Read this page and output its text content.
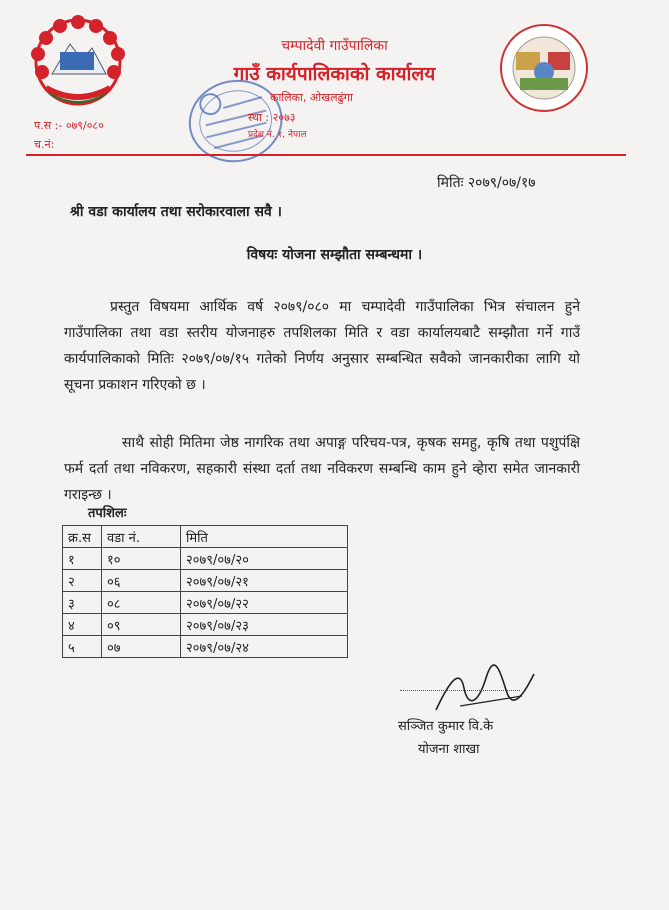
चम्पादेवी गाउँपालिका
गाउँ कार्यपालिकाको कार्यालय
कालिका, ओखलढुंगा
स्था : २०७३
प्रदेश नं. १, नेपाल
प.स :- ०७९/०८०
च.नं:
मितिः २०७९/०७/१७
श्री वडा कार्यालय तथा सरोकारवाला सवै ।
विषयः योजना सम्झौता सम्बन्धमा ।
प्रस्तुत विषयमा आर्थिक वर्ष २०७९/०८० मा चम्पादेवी गाउँपालिका भित्र संचालन हुने गाउँपालिका तथा वडा स्तरीय योजनाहरु तपशिलका मिति र वडा कार्यालयबाटै सम्झौता गर्ने गाउँ कार्यपालिकाको मितिः २०७९/०७/१५ गतेको निर्णय अनुसार सम्बन्धित सवैको जानकारीका लागि यो सूचना प्रकाशन गरिएको छ ।
साथै सोही मितिमा जेष्ठ नागरिक तथा अपाङ्ग परिचय-पत्र, कृषक समहु, कृषि तथा पशुपंक्षि फर्म दर्ता तथा नविकरण, सहकारी संस्था दर्ता तथा नविकरण सम्बन्धि काम हुने व्हेारा समेत जानकारी गराइन्छ ।
तपशिलः
क्र.स	वडा नं.	मिति
१	१०	२०७९/०७/२०
२	०६	२०७९/०७/२१
३	०८	२०७९/०७/२२
४	०९	२०७९/०७/२३
५	०७	२०७९/०७/२४
सञ्जित कुमार वि.के
योजना शाखा
